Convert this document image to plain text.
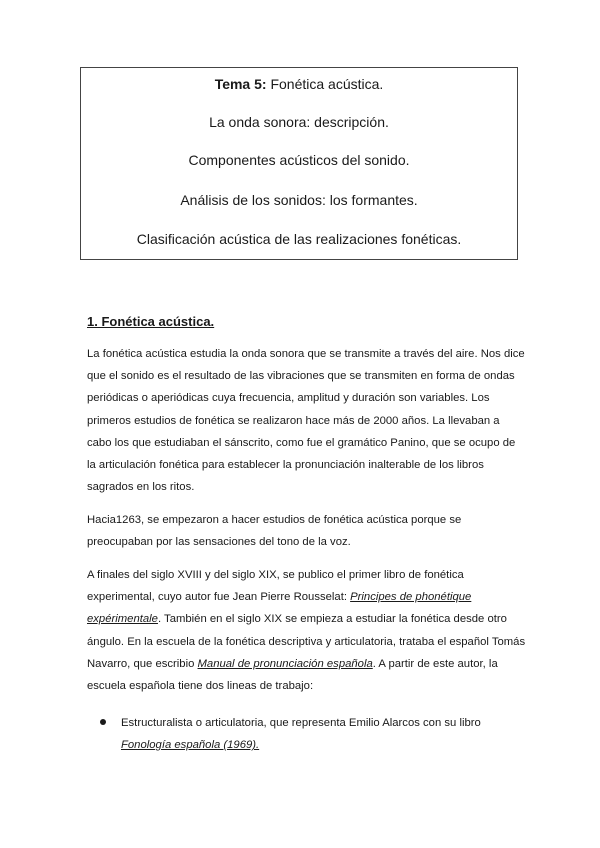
Tema 5: Fonética acústica.
La onda sonora: descripción.
Componentes acústicos del sonido.
Análisis de los sonidos: los formantes.
Clasificación acústica de las realizaciones fonéticas.
1. Fonética acústica.

La fonética acústica estudia la onda sonora que se transmite a través del aire. Nos dice que el sonido es el resultado de las vibraciones que se transmiten en forma de ondas periódicas o aperiódicas cuya frecuencia, amplitud y duración son variables. Los primeros estudios de fonética se realizaron hace más de 2000 años. La llevaban a cabo los que estudiaban el sánscrito, como fue el gramático Panino, que se ocupo de la articulación fonética para establecer la pronunciación inalterable de los libros sagrados en los ritos.

Hacia1263, se empezaron a hacer estudios de fonética acústica porque se preocupaban por las sensaciones del tono de la voz.

A finales del siglo XVIII y del siglo XIX, se publico el primer libro de fonética experimental, cuyo autor fue Jean Pierre Rousselat: Principes de phonétique expérimentale. También en el siglo XIX se empieza a estudiar la fonética desde otro ángulo. En la escuela de la fonética descriptiva y articulatoria, trataba el español Tomás Navarro, que escribio Manual de pronunciación española. A partir de este autor, la escuela española tiene dos lineas de trabajo:

Estructuralista o articulatoria, que representa Emilio Alarcos con su libro Fonología española (1969).
